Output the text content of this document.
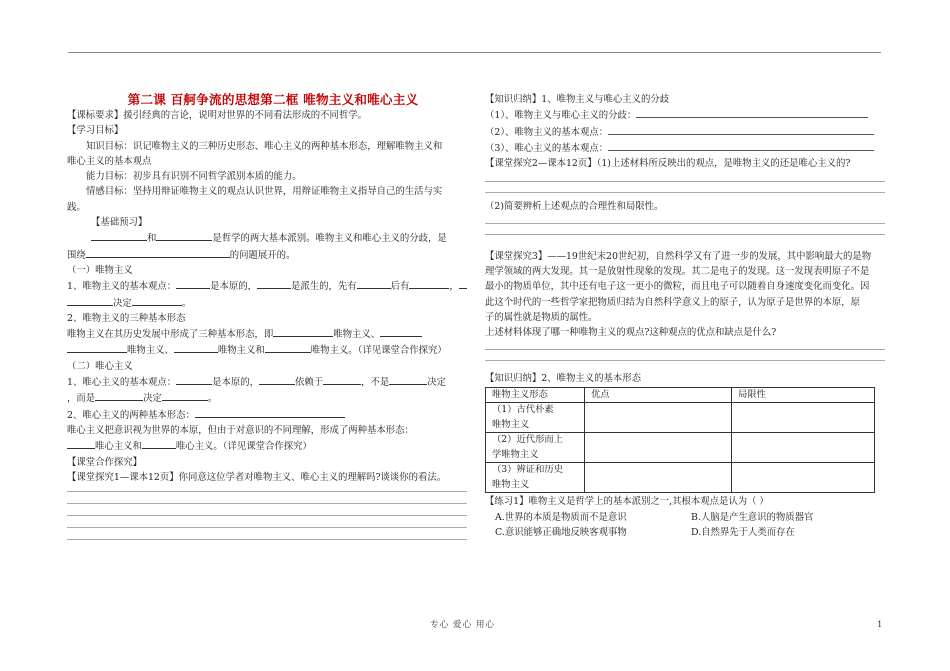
第二课 百舸争流的思想第二框 唯物主义和唯心主义
【课标要求】援引经典的言论，说明对世界的不同看法形成的不同哲学。
【学习目标】
知识目标：识记唯物主义的三种历史形态、唯心主义的两种基本形态，理解唯物主义和
唯心主义的基本观点
能力目标：初步具有识别不同哲学派别本质的能力。
情感目标：坚持用辩证唯物主义的观点认识世界，用辩证唯物主义指导自己的生活与实
践。
【基础预习】
和	是哲学的两大基本派别。唯物主义和唯心主义的分歧，是
围绕	的问题展开的。
（一）唯物主义
1、唯物主义的基本观点：	是本原的，	是派生的，先有	后有	，
决定	。
2、唯物主义的三种基本形态
唯物主义在其历史发展中形成了三种基本形态，即	唯物主义、
唯物主义、	唯物主义和	唯物主义。（详见课堂合作探究）
（二）唯心主义
1、唯心主义的基本观点：	是本原的，	依赖于	，不是	决定
，而是	决定	。
2、唯心主义的两种基本形态：
唯心主义把意识视为世界的本原，但由于对意识的不同理解，形成了两种基本形态：
唯心主义和	唯心主义。（详见课堂合作探究）
【课堂合作探究】
【课堂探究1—课本12页】你同意这位学者对唯物主义、唯心主义的理解吗?谈谈你的看法。
【知识归纳】1、唯物主义与唯心主义的分歧
（1）、唯物主义与唯心主义的分歧：
（2）、唯物主义的基本观点：
（3）、唯心主义的基本观点：
【课堂探究2—课本12页】（1)上述材料所反映出的观点，是唯物主义的还是唯心主义的?
（2)简要辨析上述观点的合理性和局限性。
【课堂探究3】——19世纪末20世纪初，自然科学又有了进一步的发展，其中影响最大的是物
理学领域的两大发现。其一是放射性现象的发现。其二是电子的发现。这一发现表明原子不是
最小的物质单位，其中还有电子这一更小的微粒，而且电子可以随着自身速度变化而变化。因
此这个时代的一些哲学家把物质归结为自然科学意义上的原子，认为原子是世界的本原，原
子的属性就是物质的属性。
上述材料体现了哪一种唯物主义的观点?这种观点的优点和缺点是什么?
【知识归纳】2、唯物主义的基本形态
唯物主义形态	优点	局限性

（1）古代朴素
唯物主义		

（2）近代形而上
学唯物主义		

（3）辨证和历史
唯物主义		

【练习1】唯物主义是哲学上的基本派别之一,其根本观点是认为（ ）
A.世界的本质是物质而不是意识	B.人脑是产生意识的物质器官
C.意识能够正确地反映客观事物	D.自然界先于人类而存在
专心 爱心 用心	1
